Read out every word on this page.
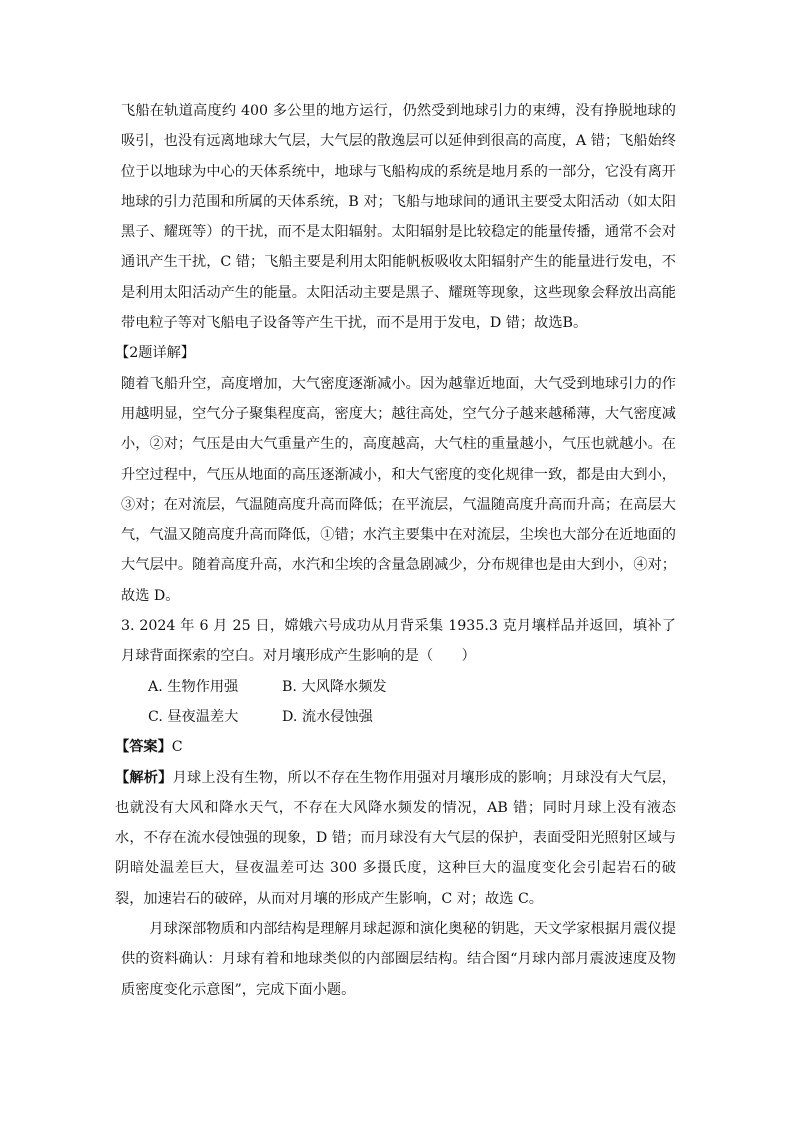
飞船在轨道高度约 400 多公里的地方运行，仍然受到地球引力的束缚，没有挣脱地球的吸引，也没有远离地球大气层，大气层的散逸层可以延伸到很高的高度，A 错；飞船始终位于以地球为中心的天体系统中，地球与飞船构成的系统是地月系的一部分，它没有离开地球的引力范围和所属的天体系统，B 对；飞船与地球间的通讯主要受太阳活动（如太阳黑子、耀斑等）的干扰，而不是太阳辐射。太阳辐射是比较稳定的能量传播，通常不会对通讯产生干扰，C 错；飞船主要是利用太阳能帆板吸收太阳辐射产生的能量进行发电，不是利用太阳活动产生的能量。太阳活动主要是黑子、耀斑等现象，这些现象会释放出高能带电粒子等对飞船电子设备等产生干扰，而不是用于发电，D 错；故选B。

【2题详解】

随着飞船升空，高度增加，大气密度逐渐减小。因为越靠近地面，大气受到地球引力的作用越明显，空气分子聚集程度高，密度大；越往高处，空气分子越来越稀薄，大气密度减小，②对；气压是由大气重量产生的，高度越高，大气柱的重量越小，气压也就越小。在升空过程中，气压从地面的高压逐渐减小，和大气密度的变化规律一致，都是由大到小，③对；在对流层，气温随高度升高而降低；在平流层，气温随高度升高而升高；在高层大气，气温又随高度升高而降低，①错；水汽主要集中在对流层，尘埃也大部分在近地面的大气层中。随着高度升高，水汽和尘埃的含量急剧减少，分布规律也是由大到小，④对；故选 D。

3. 2024 年 6 月 25 日，嫦娥六号成功从月背采集 1935.3 克月壤样品并返回，填补了月球背面探索的空白。对月壤形成产生影响的是（　　）

A. 生物作用强	B. 大风降水频发
C. 昼夜温差大	D. 流水侵蚀强

【答案】C

【解析】月球上没有生物，所以不存在生物作用强对月壤形成的影响；月球没有大气层，也就没有大风和降水天气，不存在大风降水频发的情况，AB 错；同时月球上没有液态水，不存在流水侵蚀强的现象，D 错；而月球没有大气层的保护，表面受阳光照射区域与阴暗处温差巨大，昼夜温差可达 300 多摄氏度，这种巨大的温度变化会引起岩石的破裂，加速岩石的破碎，从而对月壤的形成产生影响，C 对；故选 C。

月球深部物质和内部结构是理解月球起源和演化奥秘的钥匙，天文学家根据月震仪提供的资料确认：月球有着和地球类似的内部圈层结构。结合图“月球内部月震波速度及物质密度变化示意图”，完成下面小题。
